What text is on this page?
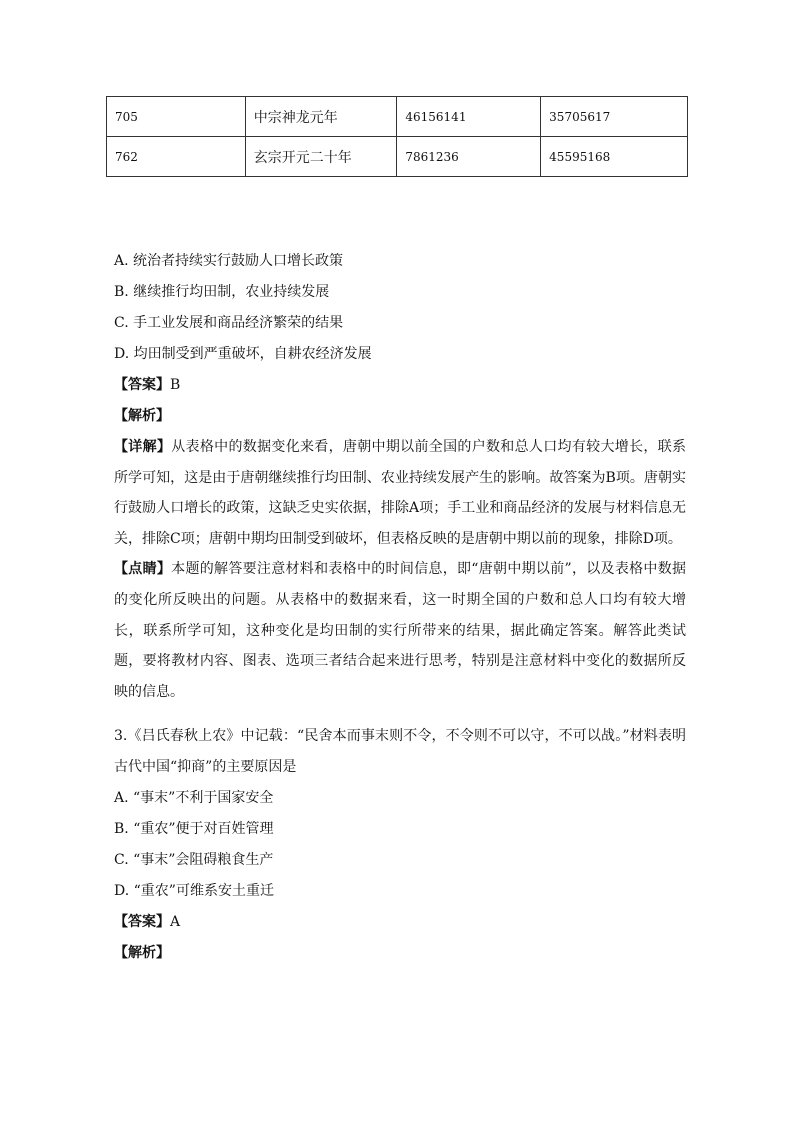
705	中宗神龙元年	46156141	35705617
762	玄宗开元二十年	7861236	45595168
A. 统治者持续实行鼓励人口增长政策
B. 继续推行均田制，农业持续发展
C. 手工业发展和商品经济繁荣的结果
D. 均田制受到严重破坏，自耕农经济发展
【答案】B
【解析】

【详解】从表格中的数据变化来看，唐朝中期以前全国的户数和总人口均有较大增长，联系所学可知，这是由于唐朝继续推行均田制、农业持续发展产生的影响。故答案为B项。唐朝实行鼓励人口增长的政策，这缺乏史实依据，排除A项；手工业和商品经济的发展与材料信息无关，排除C项；唐朝中期均田制受到破坏，但表格反映的是唐朝中期以前的现象，排除D项。

【点睛】本题的解答要注意材料和表格中的时间信息，即“唐朝中期以前”，以及表格中数据的变化所反映出的问题。从表格中的数据来看，这一时期全国的户数和总人口均有较大增长，联系所学可知，这种变化是均田制的实行所带来的结果，据此确定答案。解答此类试题，要将教材内容、图表、选项三者结合起来进行思考，特别是注意材料中变化的数据所反映的信息。

3.《吕氏春秋上农》中记载：“民舍本而事末则不令，不令则不可以守，不可以战。”材料表明古代中国“抑商”的主要原因是

A. “事末”不利于国家安全
B. “重农”便于对百姓管理
C. “事末”会阻碍粮食生产
D. “重农”可维系安土重迁
【答案】A
【解析】
